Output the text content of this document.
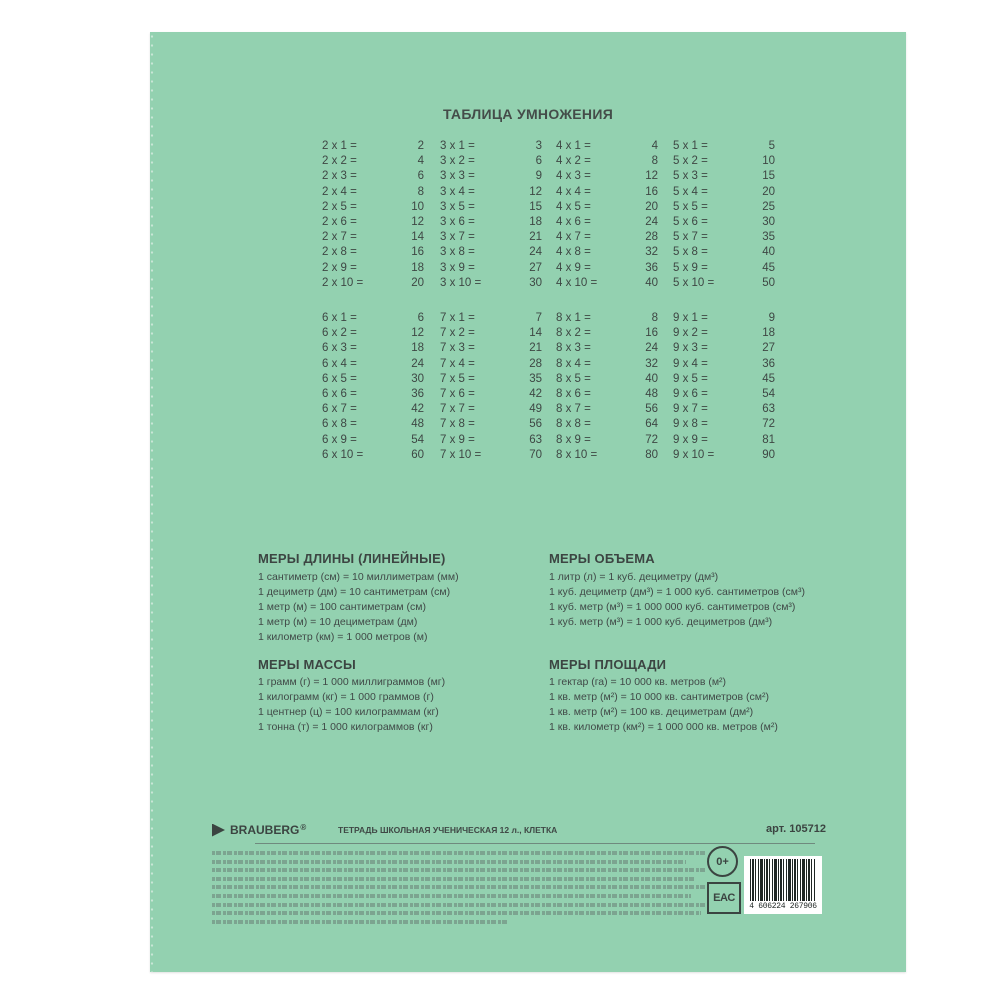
ТАБЛИЦА УМНОЖЕНИЯ
2 x 1 =	2
2 x 2 =	4
2 x 3 =	6
2 x 4 =	8
2 x 5 =	10
2 x 6 =	12
2 x 7 =	14
2 x 8 =	16
2 x 9 =	18
2 x 10 =	20
3 x 1 =	3
3 x 2 =	6
3 x 3 =	9
3 x 4 =	12
3 x 5 =	15
3 x 6 =	18
3 x 7 =	21
3 x 8 =	24
3 x 9 =	27
3 x 10 =	30
4 x 1 =	4
4 x 2 =	8
4 x 3 =	12
4 x 4 =	16
4 x 5 =	20
4 x 6 =	24
4 x 7 =	28
4 x 8 =	32
4 x 9 =	36
4 x 10 =	40
5 x 1 =	5
5 x 2 =	10
5 x 3 =	15
5 x 4 =	20
5 x 5 =	25
5 x 6 =	30
5 x 7 =	35
5 x 8 =	40
5 x 9 =	45
5 x 10 =	50
6 x 1 =	6
6 x 2 =	12
6 x 3 =	18
6 x 4 =	24
6 x 5 =	30
6 x 6 =	36
6 x 7 =	42
6 x 8 =	48
6 x 9 =	54
6 x 10 =	60
7 x 1 =	7
7 x 2 =	14
7 x 3 =	21
7 x 4 =	28
7 x 5 =	35
7 x 6 =	42
7 x 7 =	49
7 x 8 =	56
7 x 9 =	63
7 x 10 =	70
8 x 1 =	8
8 x 2 =	16
8 x 3 =	24
8 x 4 =	32
8 x 5 =	40
8 x 6 =	48
8 x 7 =	56
8 x 8 =	64
8 x 9 =	72
8 x 10 =	80
9 x 1 =	9
9 x 2 =	18
9 x 3 =	27
9 x 4 =	36
9 x 5 =	45
9 x 6 =	54
9 x 7 =	63
9 x 8 =	72
9 x 9 =	81
9 x 10 =	90
МЕРЫ ДЛИНЫ (ЛИНЕЙНЫЕ)
1 сантиметр (см) = 10 миллиметрам (мм)
1 дециметр (дм) = 10 сантиметрам (см)
1 метр (м) = 100 сантиметрам (см)
1 метр (м) = 10 дециметрам (дм)
1 километр (км) = 1 000 метров (м)
МЕРЫ МАССЫ
1 грамм (г) = 1 000 миллиграммов (мг)
1 килограмм (кг) = 1 000 граммов (г)
1 центнер (ц) = 100 килограммам (кг)
1 тонна (т) = 1 000 килограммов (кг)
МЕРЫ ОБЪЕМА
1 литр (л) = 1 куб. дециметру (дм³)
1 куб. дециметр (дм³) = 1 000 куб. сантиметров (см³)
1 куб. метр (м³) = 1 000 000 куб. сантиметров (см³)
1 куб. метр (м³) = 1 000 куб. дециметров (дм³)
МЕРЫ ПЛОЩАДИ
1 гектар (га) = 10 000 кв. метров (м²)
1 кв. метр (м²) = 10 000 кв. сантиметров (см²)
1 кв. метр (м²) = 100 кв. дециметрам (дм²)
1 кв. километр (км²) = 1 000 000 кв. метров (м²)
BRAUBERG ®	ТЕТРАДЬ ШКОЛЬНАЯ УЧЕНИЧЕСКАЯ 12 л., КЛЕТКА	арт. 105712
0+
EAC
4 606224 267906
